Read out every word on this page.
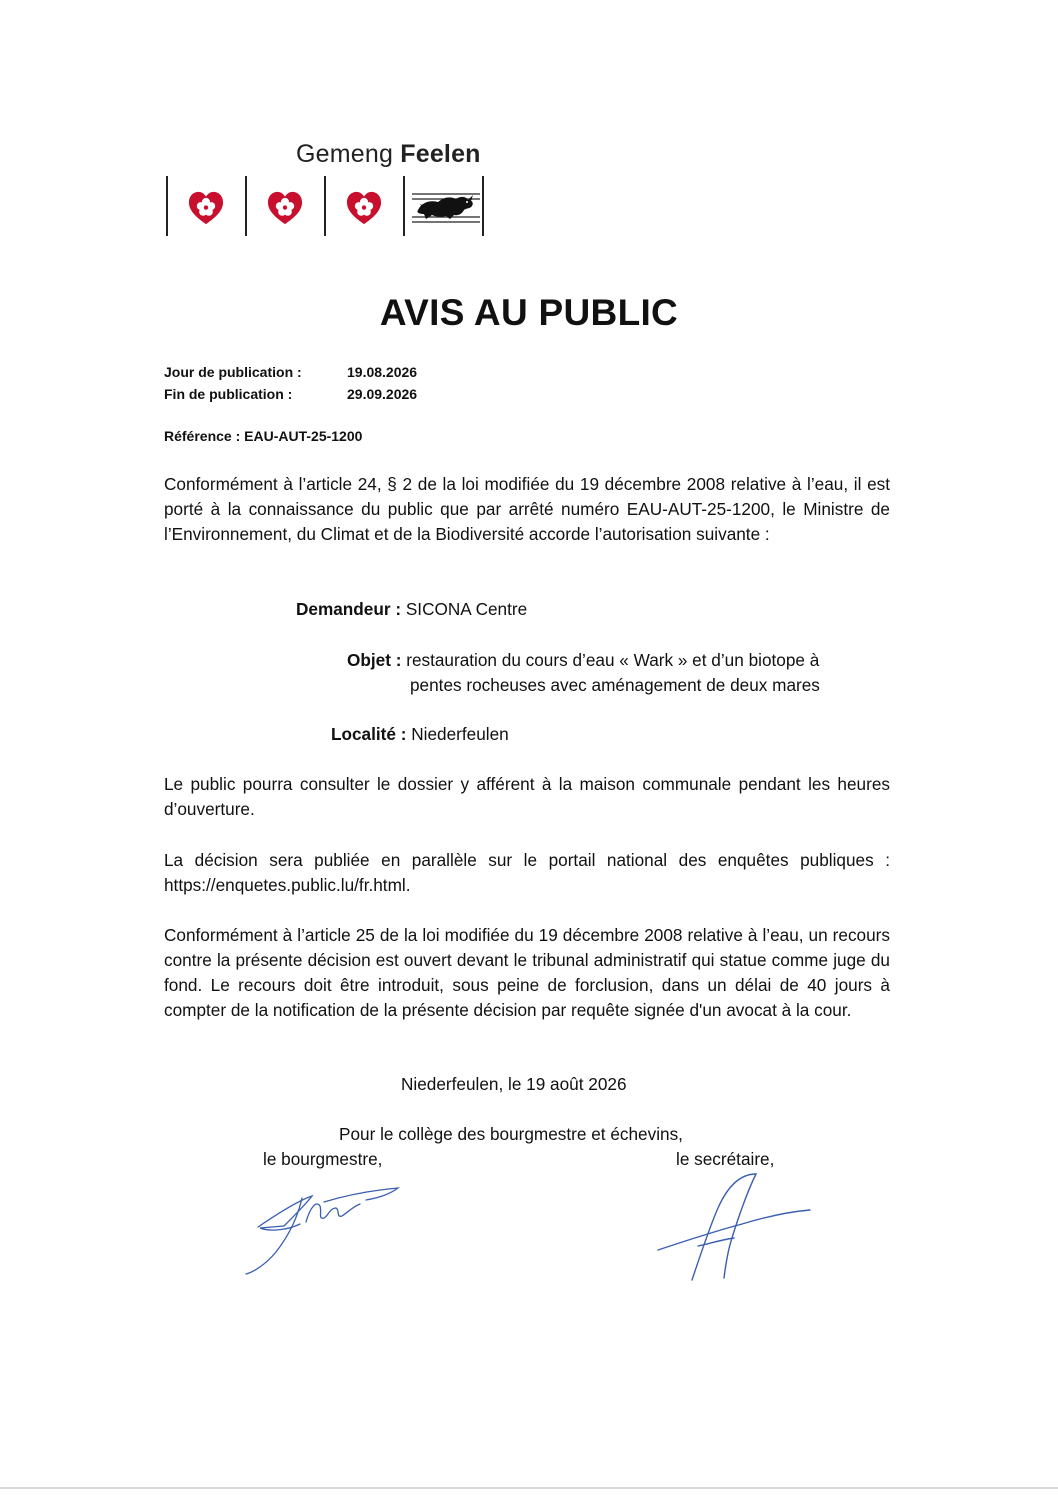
Gemeng Feelen
AVIS AU PUBLIC
Jour de publication :	19.08.2026
Fin de publication :	29.09.2026
Référence : EAU-AUT-25-1200
Conformément à l’article 24, § 2 de la loi modifiée du 19 décembre 2008 relative à l’eau, il est porté à la connaissance du public que par arrêté numéro EAU-AUT-25-1200, le Ministre de l’Environnement, du Climat et de la Biodiversité accorde l’autorisation suivante :
Demandeur : SICONA Centre
Objet : restauration du cours d’eau « Wark » et d’un biotope à
pentes rocheuses avec aménagement de deux mares
Localité : Niederfeulen
Le public pourra consulter le dossier y afférent à la maison communale pendant les heures d’ouverture.
La décision sera publiée en parallèle sur le portail national des enquêtes publiques : https://enquetes.public.lu/fr.html.
Conformément à l’article 25 de la loi modifiée du 19 décembre 2008 relative à l’eau, un recours contre la présente décision est ouvert devant le tribunal administratif qui statue comme juge du fond. Le recours doit être introduit, sous peine de forclusion, dans un délai de 40 jours à compter de la notification de la présente décision par requête signée d'un avocat à la cour.
Niederfeulen, le 19 août 2026
Pour le collège des bourgmestre et échevins,
le bourgmestre,	le secrétaire,
